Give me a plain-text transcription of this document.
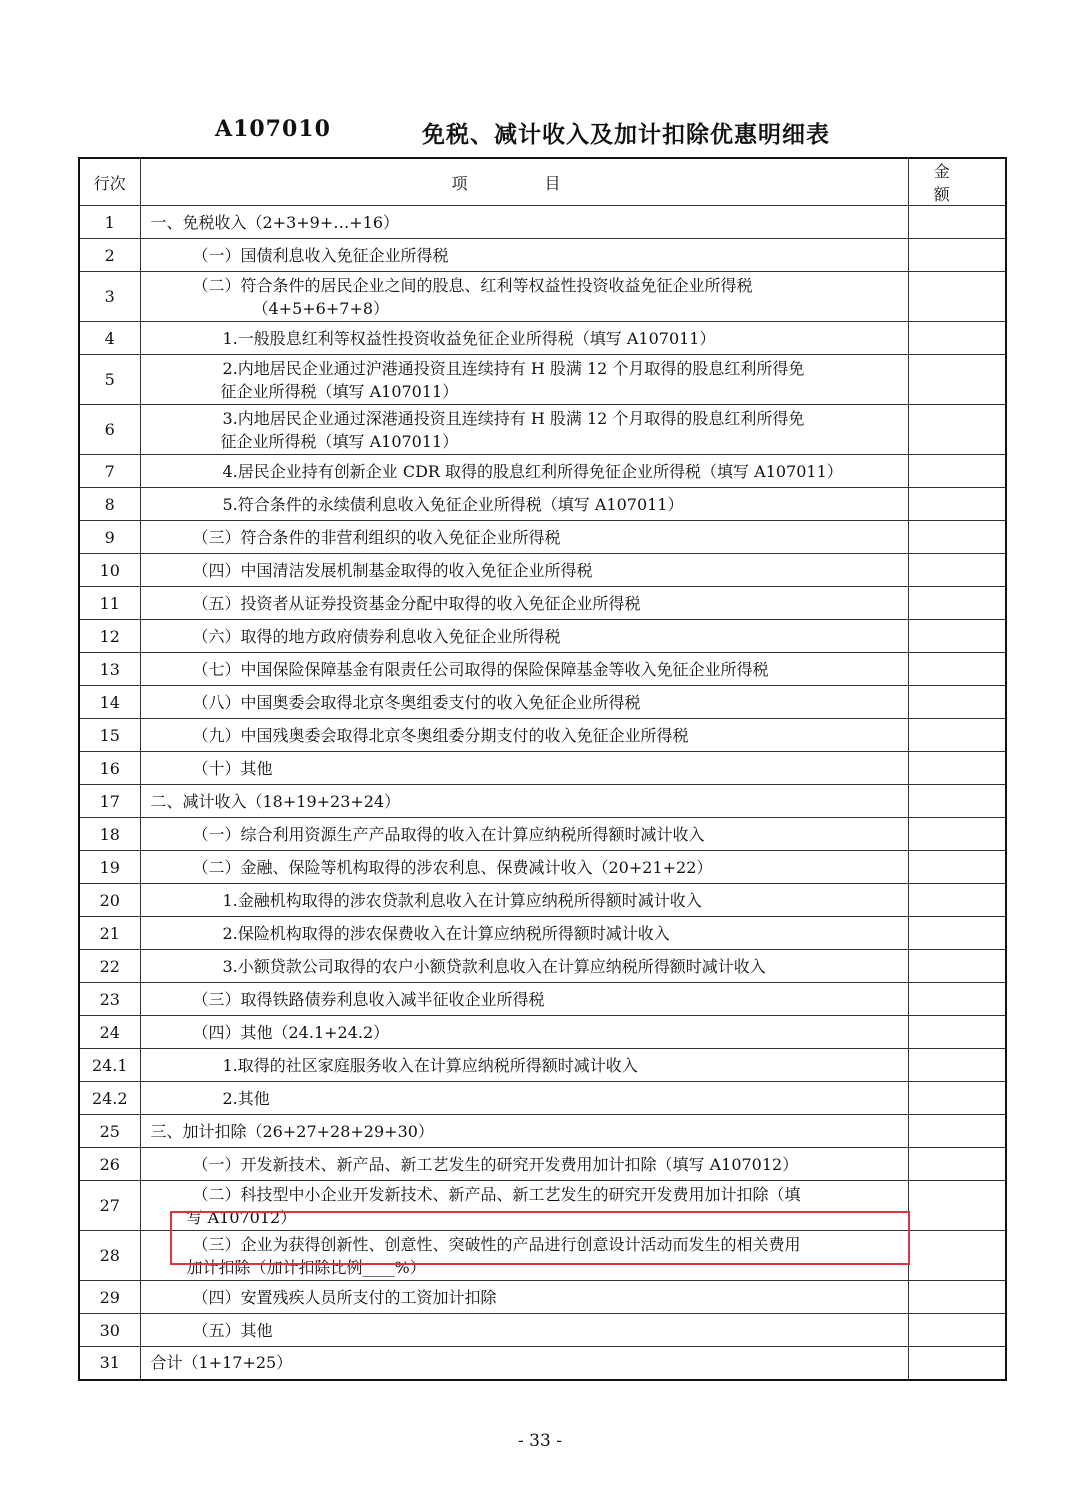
A107010	免税、减计收入及加计扣除优惠明细表
行次	项 目	金 额
1	一、免税收入（2+3+9+…+16）	
2	（一）国债利息收入免征企业所得税	
3	（二）符合条件的居民企业之间的股息、红利等权益性投资收益免征企业所得税
（4+5+6+7+8）	

4	1.一般股息红利等权益性投资收益免征企业所得税（填写 A107011）	
5	2.内地居民企业通过沪港通投资且连续持有 H 股满 12 个月取得的股息红利所得免
征企业所得税（填写 A107011）	

6	3.内地居民企业通过深港通投资且连续持有 H 股满 12 个月取得的股息红利所得免
征企业所得税（填写 A107011）	

7	4.居民企业持有创新企业 CDR 取得的股息红利所得免征企业所得税（填写 A107011）	
8	5.符合条件的永续债利息收入免征企业所得税（填写 A107011）	
9	（三）符合条件的非营利组织的收入免征企业所得税	
10	（四）中国清洁发展机制基金取得的收入免征企业所得税	
11	（五）投资者从证券投资基金分配中取得的收入免征企业所得税	
12	（六）取得的地方政府债券利息收入免征企业所得税	
13	（七）中国保险保障基金有限责任公司取得的保险保障基金等收入免征企业所得税	
14	（八）中国奥委会取得北京冬奥组委支付的收入免征企业所得税	
15	（九）中国残奥委会取得北京冬奥组委分期支付的收入免征企业所得税	
16	（十）其他	
17	二、减计收入（18+19+23+24）	
18	（一）综合利用资源生产产品取得的收入在计算应纳税所得额时减计收入	
19	（二）金融、保险等机构取得的涉农利息、保费减计收入（20+21+22）	
20	1.金融机构取得的涉农贷款利息收入在计算应纳税所得额时减计收入	
21	2.保险机构取得的涉农保费收入在计算应纳税所得额时减计收入	
22	3.小额贷款公司取得的农户小额贷款利息收入在计算应纳税所得额时减计收入	
23	（三）取得铁路债券利息收入减半征收企业所得税	
24	（四）其他（24.1+24.2）	
24.1	1.取得的社区家庭服务收入在计算应纳税所得额时减计收入	
24.2	2.其他	
25	三、加计扣除（26+27+28+29+30）	
26	（一）开发新技术、新产品、新工艺发生的研究开发费用加计扣除（填写 A107012）	
27	（二）科技型中小企业开发新技术、新产品、新工艺发生的研究开发费用加计扣除（填
写 A107012）	

28	（三）企业为获得创新性、创意性、突破性的产品进行创意设计活动而发生的相关费用
加计扣除（加计扣除比例____%）	

29	（四）安置残疾人员所支付的工资加计扣除	
30	（五）其他	
31	合计（1+17+25）	
- 33 -
